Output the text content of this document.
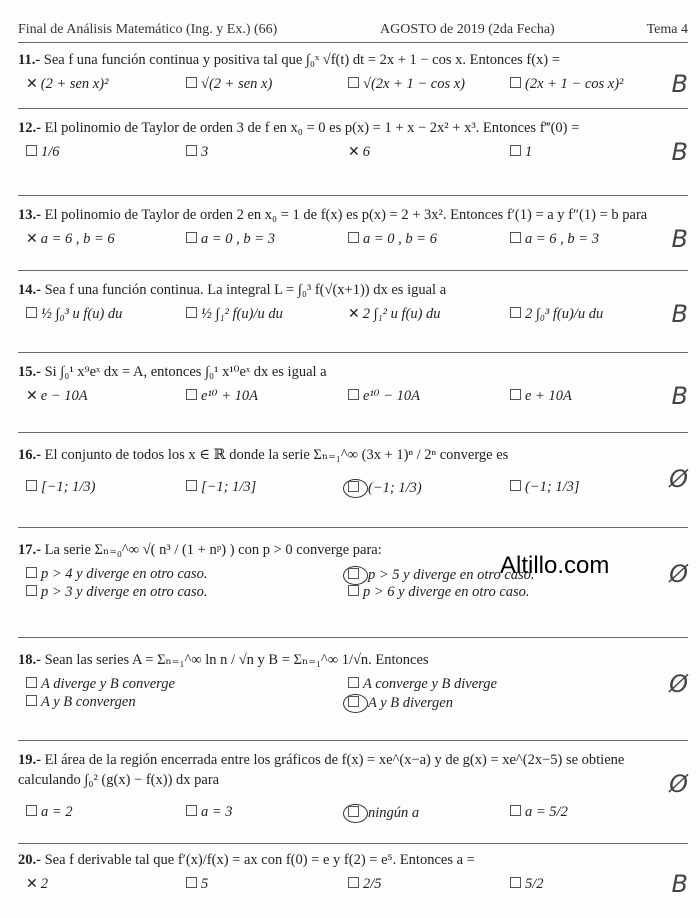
Final de Análisis Matemático (Ing. y Ex.) (66)	AGOSTO de 2019 (2da Fecha)	Tema 4
11.- Sea f una función continua y positiva tal que ∫₀ˣ √f(t) dt = 2x + 1 − cos x. Entonces f(x) =
✕ (2 + sen x)²	√(2 + sen x)	√(2x + 1 − cos x)	(2x + 1 − cos x)²
12.- El polinomio de Taylor de orden 3 de f en x₀ = 0 es p(x) = 1 + x − 2x² + x³. Entonces f‴(0) =
1/6	3	✕ 6	1
13.- El polinomio de Taylor de orden 2 en x₀ = 1 de f(x) es p(x) = 2 + 3x². Entonces f′(1) = a y f″(1) = b para
✕ a = 6 , b = 6	a = 0 , b = 3	a = 0 , b = 6	a = 6 , b = 3
14.- Sea f una función continua. La integral L = ∫₀³ f(√(x+1)) dx es igual a
½ ∫₀³ u f(u) du	½ ∫₁² f(u)/u du	✕ 2 ∫₁² u f(u) du	2 ∫₀³ f(u)/u du
15.- Si ∫₀¹ x⁹eˣ dx = A, entonces ∫₀¹ x¹⁰eˣ dx es igual a
✕ e − 10A	e¹⁰ + 10A	e¹⁰ − 10A	e + 10A
16.- El conjunto de todos los x ∈ ℝ donde la serie Σₙ₌₁^∞ (3x + 1)ⁿ / 2ⁿ converge es
[−1; 1/3)	[−1; 1/3]	(−1; 1/3)	(−1; 1/3]
17.- La serie Σₙ₌₀^∞ √( n³ / (1 + nᵖ) ) con p > 0 converge para:
p > 4 y diverge en otro caso.
p > 3 y diverge en otro caso.
p > 5 y diverge en otro caso.
p > 6 y diverge en otro caso.
18.- Sean las series A = Σₙ₌₁^∞ ln n / √n y B = Σₙ₌₁^∞ 1/√n. Entonces
A diverge y B converge
A y B convergen
A converge y B diverge
A y B divergen
19.- El área de la región encerrada entre los gráficos de f(x) = xe^(x−a) y de g(x) = xe^(2x−5) se obtiene calculando ∫₀² (g(x) − f(x)) dx para
a = 2	a = 3	ningún a	a = 5/2
20.- Sea f derivable tal que f′(x)/f(x) = ax con f(0) = e y f(2) = e⁵. Entonces a =
✕ 2	5	2/5	5/2
Altillo.com
B
B
B
B
B
Ø
Ø
Ø
Ø
B
